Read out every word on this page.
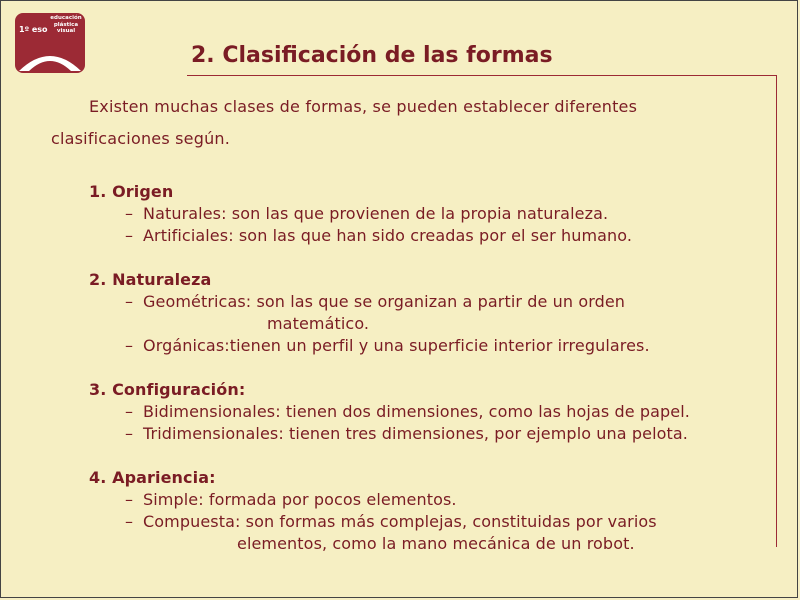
1º eso
educación
plástica
visual
2. Clasificación de las formas
Existen muchas clases de formas, se pueden establecer diferentes
clasificaciones según.
1. Origen
– Naturales: son las que provienen de la propia naturaleza.
– Artificiales: son las que han sido creadas por el ser humano.
2. Naturaleza
– Geométricas: son las que se organizan a partir de un orden
matemático.
– Orgánicas:tienen un perfil y una superficie interior irregulares.
3. Configuración:
– Bidimensionales: tienen dos dimensiones, como las hojas de papel.
– Tridimensionales: tienen tres dimensiones, por ejemplo una pelota.
4. Apariencia:
– Simple: formada por pocos elementos.
– Compuesta: son formas más complejas, constituidas por varios
elementos, como la mano mecánica de un robot.
